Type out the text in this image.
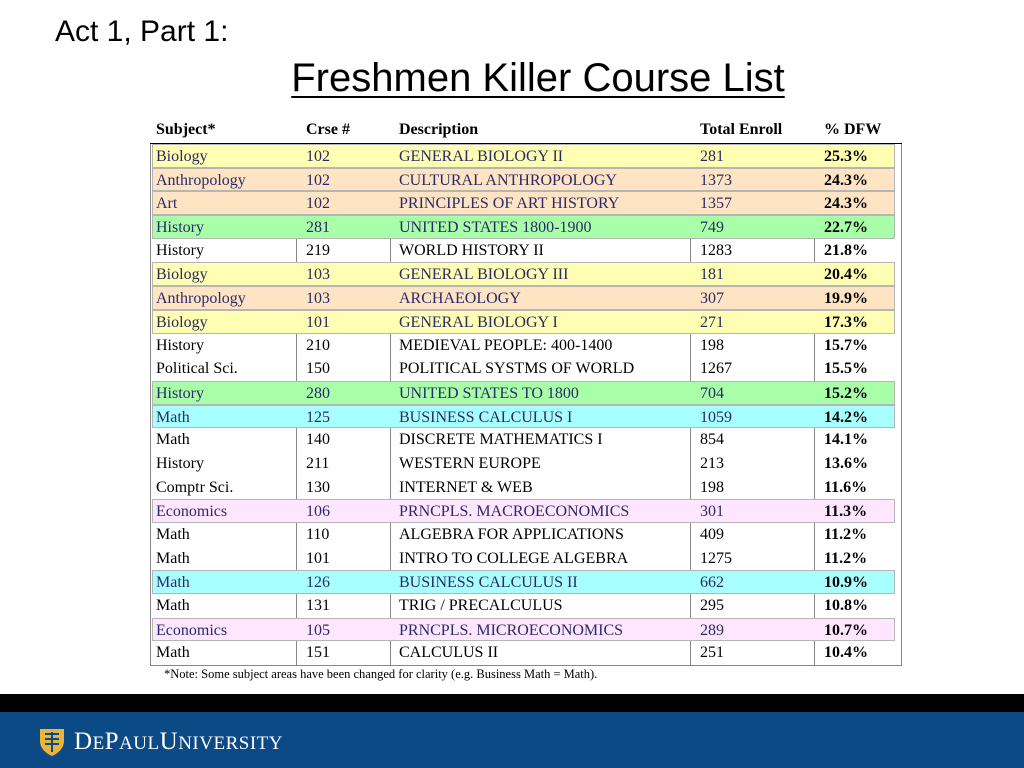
Act 1, Part 1:
Freshmen Killer Course List
Subject*	Crse #	Description	Total Enroll	% DFW
Biology	102	GENERAL BIOLOGY II	281	25.3%
Anthropology	102	CULTURAL ANTHROPOLOGY	1373	24.3%
Art	102	PRINCIPLES OF ART HISTORY	1357	24.3%
History	281	UNITED STATES 1800-1900	749	22.7%
History	219	WORLD HISTORY II	1283	21.8%
Biology	103	GENERAL BIOLOGY III	181	20.4%
Anthropology	103	ARCHAEOLOGY	307	19.9%
Biology	101	GENERAL BIOLOGY I	271	17.3%
History	210	MEDIEVAL PEOPLE: 400-1400	198	15.7%
Political Sci.	150	POLITICAL SYSTMS OF WORLD	1267	15.5%
History	280	UNITED STATES TO 1800	704	15.2%
Math	125	BUSINESS CALCULUS I	1059	14.2%
Math	140	DISCRETE MATHEMATICS I	854	14.1%
History	211	WESTERN EUROPE	213	13.6%
Comptr Sci.	130	INTERNET & WEB	198	11.6%
Economics	106	PRNCPLS. MACROECONOMICS	301	11.3%
Math	110	ALGEBRA FOR APPLICATIONS	409	11.2%
Math	101	INTRO TO COLLEGE ALGEBRA	1275	11.2%
Math	126	BUSINESS CALCULUS II	662	10.9%
Math	131	TRIG / PRECALCULUS	295	10.8%
Economics	105	PRNCPLS. MICROECONOMICS	289	10.7%
Math	151	CALCULUS II	251	10.4%
*Note: Some subject areas have been changed for clarity (e.g. Business Math = Math).
DEPAULUNIVERSITY
